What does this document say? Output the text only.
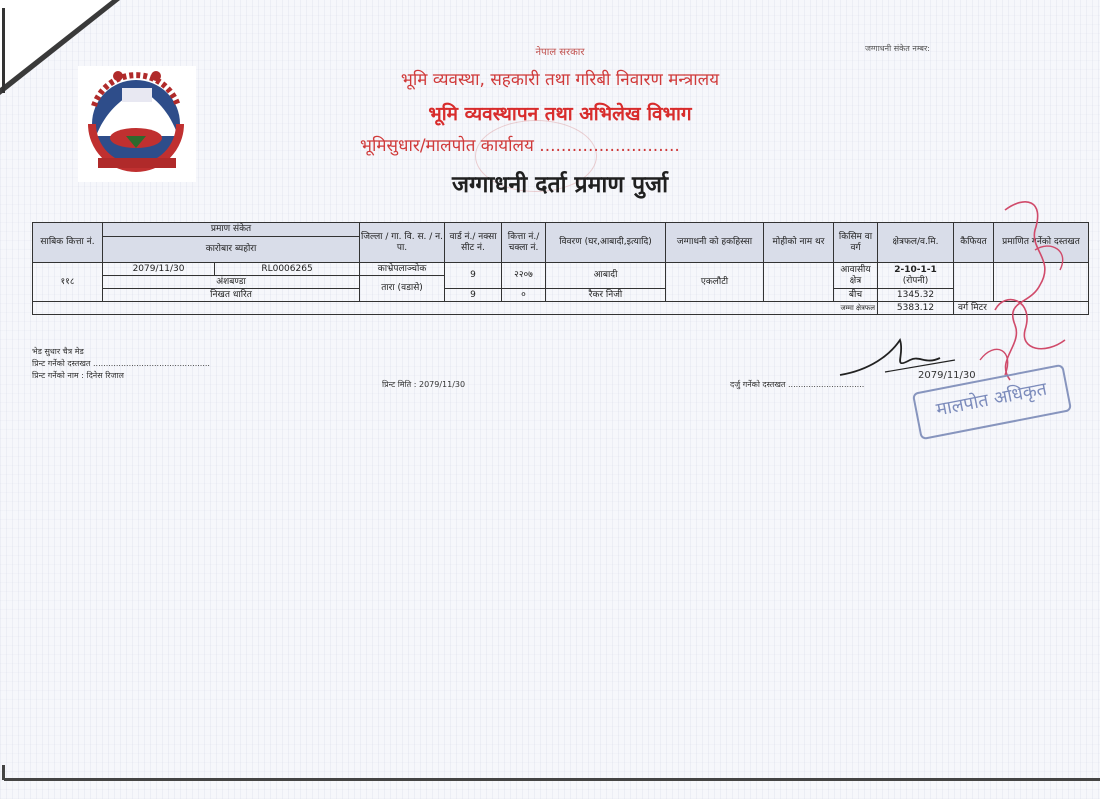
नेपाल सरकार
भूमि व्यवस्था, सहकारी तथा गरिबी निवारण मन्त्रालय
भूमि व्यवस्थापन तथा अभिलेख विभाग
भूमिसुधार/मालपोत कार्यालय ..........................
जग्गाधनी दर्ता प्रमाण पुर्जा
जग्गाधनी संकेत नम्बर:
साबिक कित्ता नं.	प्रमाण संकेत		जिल्ला / गा. वि. स. / न. पा.	वार्ड नं./ नक्सा सीट नं.	कित्ता नं./ चक्ला नं.	विवरण (घर,आबादी,इत्यादि)	जग्गाधनी को हकहिस्सा	मोहीको नाम थर	किसिम वा वर्ग	क्षेत्रफल/व.मि.	कैफियत	प्रमाणित गर्नेको दस्तखत
	कारोबार ब्यहोरा											
११८	2079/11/30	RL0006265	काभ्रेपलाञ्चोक	9	२२०७	आबादी	एकलौटी		आवासीय क्षेत्र	2-10-1-1
(रोपनी)		

	अंशबण्डा		तारा (वडासे)									
	निखत धारित			9	०	रैकर निजी			बीच	1345.32		
									जम्मा क्षेत्रफल	5383.12	वर्ग मिटर	
भेड सुधार चैत्र मेड
प्रिन्ट गर्नेको दस्तखत ..............................................
प्रिन्ट गर्नेको नाम : दिनेस रिजाल
प्रिन्ट मिति : 2079/11/30	दर्जु गर्नेको दस्तखत ..............................
2079/11/30
मालपोत अधिकृत
